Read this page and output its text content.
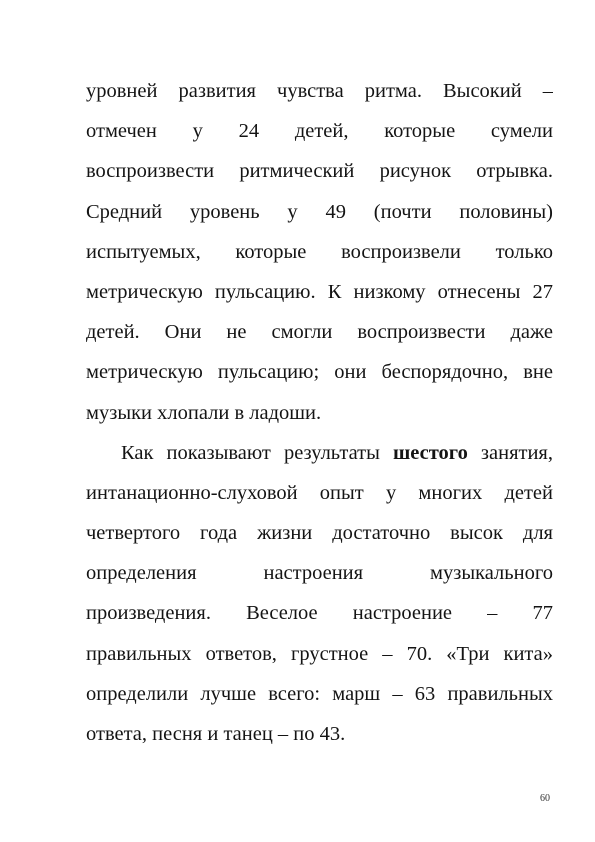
уровней развития чувства ритма. Высокий –
отмечен у 24 детей, которые сумели
воспроизвести ритмический рисунок отрывка.
Средний уровень у 49 (почти половины)
испытуемых, которые воспроизвели только
метрическую пульсацию. К низкому отнесены 27
детей. Они не смогли воспроизвести даже
метрическую пульсацию; они беспорядочно, вне
музыки хлопали в ладоши.
Как показывают результаты шестого занятия,
интанационно-слуховой опыт у многих детей
четвертого года жизни достаточно высок для
определения настроения музыкального
произведения. Веселое настроение – 77
правильных ответов, грустное – 70. «Три кита»
определили лучше всего: марш – 63 правильных
ответа, песня и танец – по 43.
60
